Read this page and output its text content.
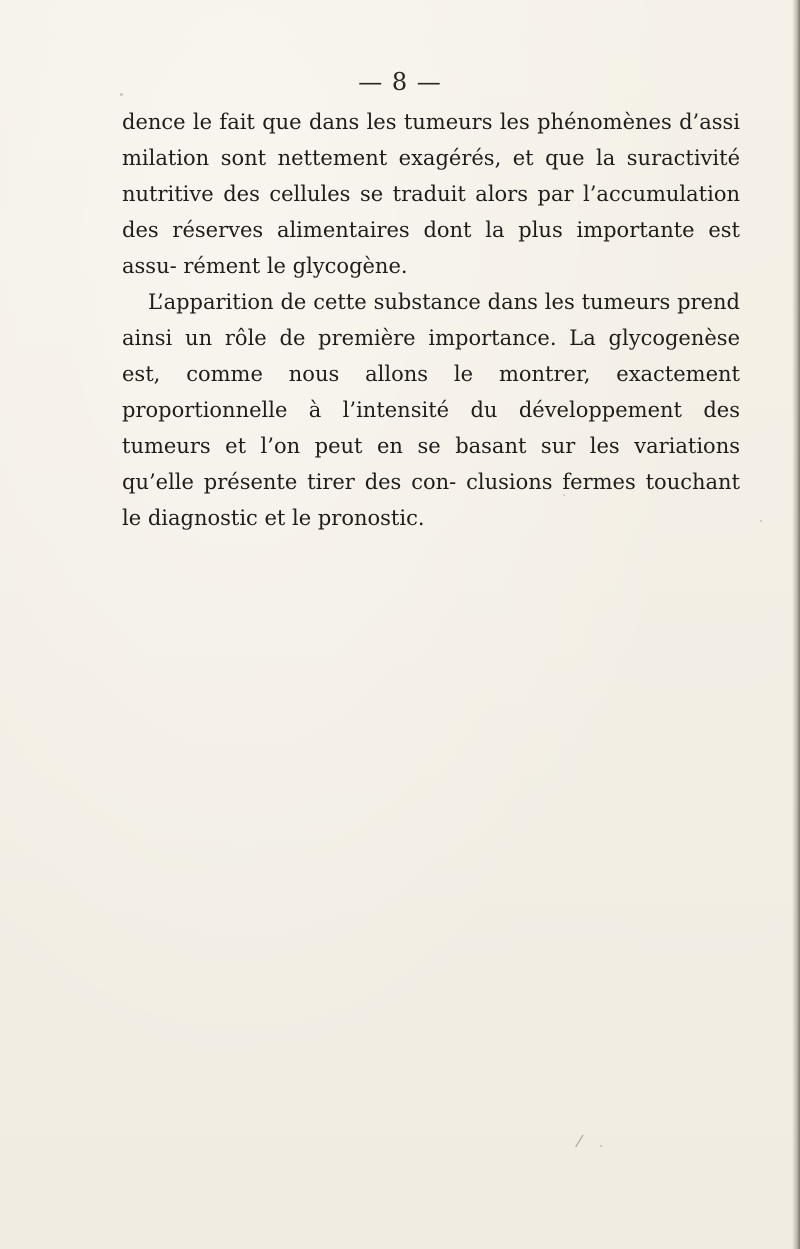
— 8 —

dence le fait que dans les tumeurs les phénomènes d’assi milation sont nettement exagérés, et que la suractivité nutritive des cellules se traduit alors par l’accumulation des réserves alimentaires dont la plus importante est assu- rément le glycogène.

L’apparition de cette substance dans les tumeurs prend ainsi un rôle de première importance. La glycogenèse est, comme nous allons le montrer, exactement proportionnelle à l’intensité du développement des tumeurs et l’on peut en se basant sur les variations qu’elle présente tirer des con- clusions fermes touchant le diagnostic et le pronostic.

⁄
